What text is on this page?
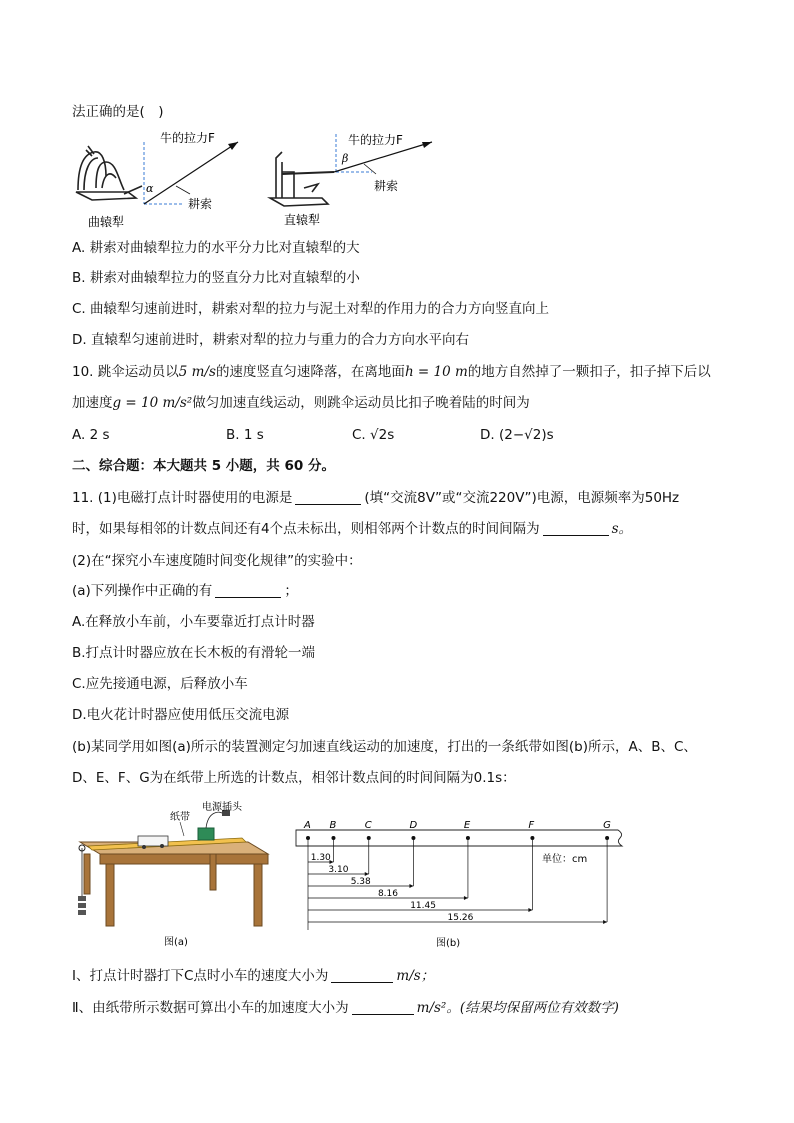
法正确的是(　)
α
牛的拉力F
耕索
曲辕犁
β
牛的拉力F
耕索
直辕犁
A. 耕索对曲辕犁拉力的水平分力比对直辕犁的大
B. 耕索对曲辕犁拉力的竖直分力比对直辕犁的小
C. 曲辕犁匀速前进时，耕索对犁的拉力与泥土对犁的作用力的合力方向竖直向上
D. 直辕犁匀速前进时，耕索对犁的拉力与重力的合力方向水平向右
10. 跳伞运动员以5 m/s的速度竖直匀速降落，在离地面h = 10 m的地方自然掉了一颗扣子，扣子掉下后以
加速度g = 10 m/s²做匀加速直线运动，则跳伞运动员比扣子晚着陆的时间为
A. 2 s	B. 1 s	C. √2s	D. (2−√2)s
二、综合题：本大题共 5 小题，共 60 分。
11. (1)电磁打点计时器使用的电源是	(填“交流8V”或“交流220V”)电源，电源频率为50Hz
时，如果每相邻的计数点间还有4个点未标出，则相邻两个计数点的时间间隔为	s。
(2)在“探究小车速度随时间变化规律”的实验中：
(a)下列操作中正确的有	；
A.在释放小车前，小车要靠近打点计时器
B.打点计时器应放在长木板的有滑轮一端
C.应先接通电源，后释放小车
D.电火花计时器应使用低压交流电源
(b)某同学用如图(a)所示的装置测定匀加速直线运动的加速度，打出的一条纸带如图(b)所示，A、B、C、
D、E、F、G为在纸带上所选的计数点，相邻计数点间的时间间隔为0.1s：
纸带
电源插头
图(a)
单位：cm
A B	C	D	E	F	G
1.30
3.10
5.38
8.16
11.45
15.26
图(b)
Ⅰ、打点计时器打下C点时小车的速度大小为	m/s；
Ⅱ、由纸带所示数据可算出小车的加速度大小为	m/s²。(结果均保留两位有效数字)
